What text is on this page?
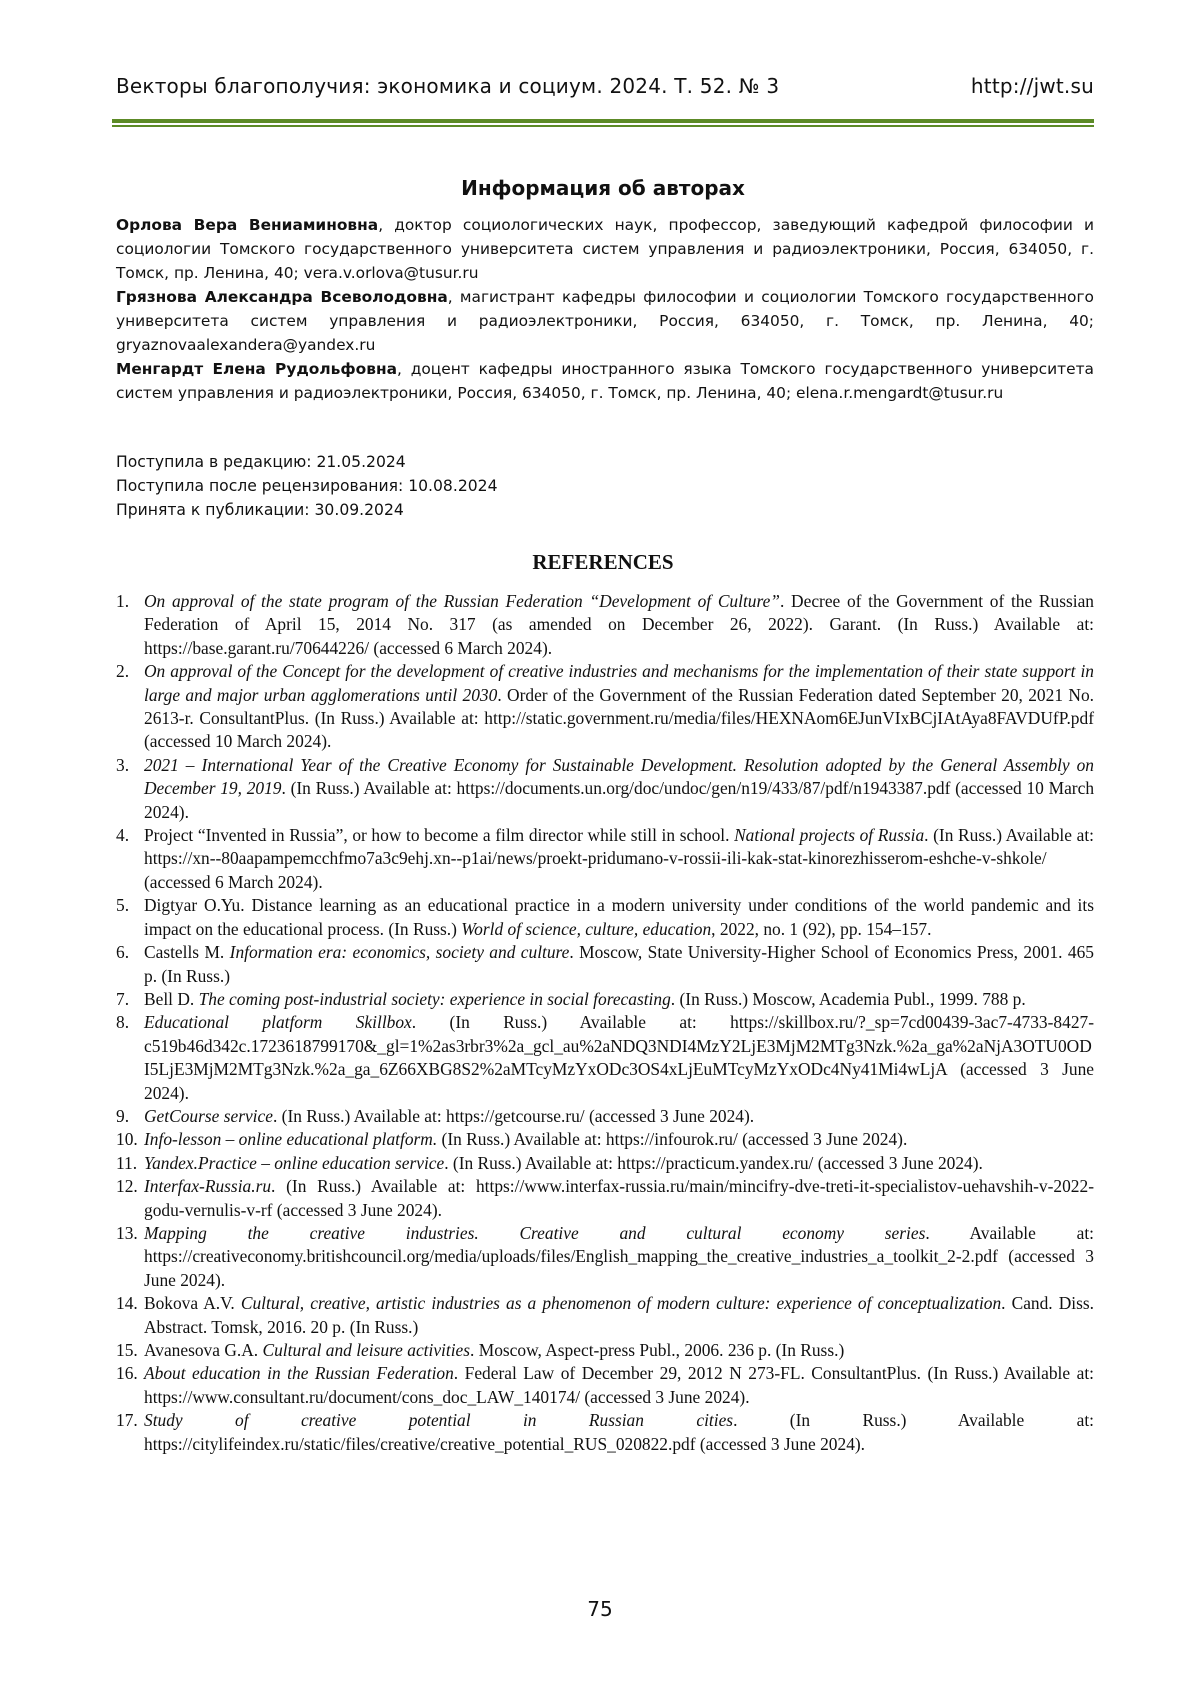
Векторы благополучия: экономика и социум. 2024. Т. 52. № 3	http://jwt.su
Информация об авторах

Орлова Вера Вениаминовна, доктор социологических наук, профессор, заведующий кафедрой философии и социологии Томского государственного университета систем управления и радиоэлектроники, Россия, 634050, г. Томск, пр. Ленина, 40; vera.v.orlova@tusur.ru

Грязнова Александра Всеволодовна, магистрант кафедры философии и социологии Томского государственного университета систем управления и радиоэлектроники, Россия, 634050, г. Томск, пр. Ленина, 40; gryaznovaalexandera@yandex.ru

Менгардт Елена Рудольфовна, доцент кафедры иностранного языка Томского государственного университета систем управления и радиоэлектроники, Россия, 634050, г. Томск, пр. Ленина, 40; elena.r.mengardt@tusur.ru

Поступила в редакцию: 21.05.2024
Поступила после рецензирования: 10.08.2024
Принята к публикации: 30.09.2024
REFERENCES
1. On approval of the state program of the Russian Federation “Development of Culture”. Decree of the Government of the Russian Federation of April 15, 2014 No. 317 (as amended on December 26, 2022). Garant. (In Russ.) Available at: https://base.garant.ru/70644226/ (accessed 6 March 2024).
2. On approval of the Concept for the development of creative industries and mechanisms for the implementation of their state support in large and major urban agglomerations until 2030. Order of the Government of the Russian Federation dated September 20, 2021 No. 2613-r. ConsultantPlus. (In Russ.) Available at: http://static.government.ru/media/files/HEXNAom6EJunVIxBCjIAtAya8FAVDUfP.pdf (accessed 10 March 2024).
3. 2021 – International Year of the Creative Economy for Sustainable Development. Resolution adopted by the General Assembly on December 19, 2019. (In Russ.) Available at: https://documents.un.org/doc/undoc/gen/n19/433/87/pdf/n1943387.pdf (accessed 10 March 2024).
4. Project “Invented in Russia”, or how to become a film director while still in school. National projects of Russia. (In Russ.) Available at: https://xn--80aapampemcchfmo7a3c9ehj.xn--p1ai/news/proekt-pridumano-v-rossii-ili-kak-stat-kinorezhisserom-eshche-v-shkole/ (accessed 6 March 2024).
5. Digtyar O.Yu. Distance learning as an educational practice in a modern university under conditions of the world pandemic and its impact on the educational process. (In Russ.) World of science, culture, education, 2022, no. 1 (92), pp. 154–157.
6. Castells M. Information era: economics, society and culture. Moscow, State University-Higher School of Economics Press, 2001. 465 p. (In Russ.)
7. Bell D. The coming post-industrial society: experience in social forecasting. (In Russ.) Moscow, Academia Publ., 1999. 788 p.
8. Educational platform Skillbox. (In Russ.) Available at: https://skillbox.ru/?_sp=7cd00439-3ac7-4733-8427-c519b46d342c.1723618799170&_gl=1%2as3rbr3%2a_gcl_au%2aNDQ3NDI4MzY2LjE3MjM2MTg3Nzk.%2a_ga%2aNjA3OTU0ODI5LjE3MjM2MTg3Nzk.%2a_ga_6Z66XBG8S2%2aMTcyMzYxODc3OS4xLjEuMTcyMzYxODc4Ny41Mi4wLjA (accessed 3 June 2024).
9. GetCourse service. (In Russ.) Available at: https://getcourse.ru/ (accessed 3 June 2024).
10. Info-lesson – online educational platform. (In Russ.) Available at: https://infourok.ru/ (accessed 3 June 2024).
11. Yandex.Practice – online education service. (In Russ.) Available at: https://practicum.yandex.ru/ (accessed 3 June 2024).
12. Interfax-Russia.ru. (In Russ.) Available at: https://www.interfax-russia.ru/main/mincifry-dve-treti-it-specialistov-uehavshih-v-2022-godu-vernulis-v-rf (accessed 3 June 2024).
13. Mapping the creative industries. Creative and cultural economy series. Available at: https://creativeconomy.britishcouncil.org/media/uploads/files/English_mapping_the_creative_industries_a_toolkit_2-2.pdf (accessed 3 June 2024).
14. Bokova A.V. Cultural, creative, artistic industries as a phenomenon of modern culture: experience of conceptualization. Cand. Diss. Abstract. Tomsk, 2016. 20 p. (In Russ.)
15. Avanesova G.A. Cultural and leisure activities. Moscow, Aspect-press Publ., 2006. 236 p. (In Russ.)
16. About education in the Russian Federation. Federal Law of December 29, 2012 N 273-FL. ConsultantPlus. (In Russ.) Available at: https://www.consultant.ru/document/cons_doc_LAW_140174/ (accessed 3 June 2024).
17. Study of creative potential in Russian cities. (In Russ.) Available at: https://citylifeindex.ru/static/files/creative/creative_potential_RUS_020822.pdf (accessed 3 June 2024).
75
